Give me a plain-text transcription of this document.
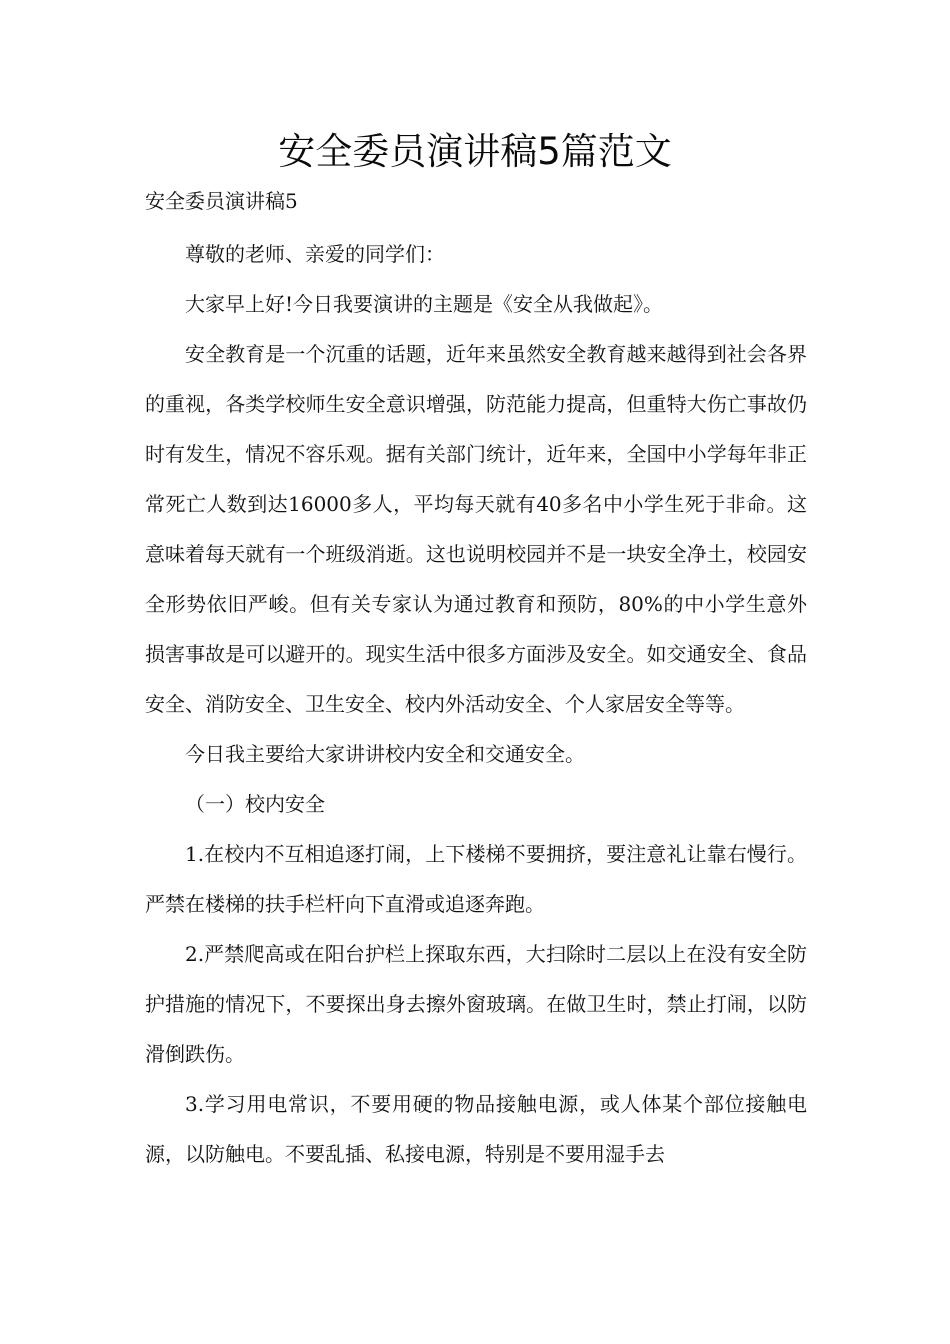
安全委员演讲稿5篇范文

安全委员演讲稿5

尊敬的老师、亲爱的同学们：

大家早上好!今日我要演讲的主题是《安全从我做起》。

安全教育是一个沉重的话题，近年来虽然安全教育越来越得到社会各界的重视，各类学校师生安全意识增强，防范能力提高，但重特大伤亡事故仍时有发生，情况不容乐观。据有关部门统计，近年来，全国中小学每年非正常死亡人数到达16000多人，平均每天就有40多名中小学生死于非命。这意味着每天就有一个班级消逝。这也说明校园并不是一块安全净土，校园安全形势依旧严峻。但有关专家认为通过教育和预防，80%的中小学生意外损害事故是可以避开的。现实生活中很多方面涉及安全。如交通安全、食品安全、消防安全、卫生安全、校内外活动安全、个人家居安全等等。

今日我主要给大家讲讲校内安全和交通安全。

（一）校内安全

1.在校内不互相追逐打闹，上下楼梯不要拥挤，要注意礼让靠右慢行。严禁在楼梯的扶手栏杆向下直滑或追逐奔跑。

2.严禁爬高或在阳台护栏上探取东西，大扫除时二层以上在没有安全防护措施的情况下，不要探出身去擦外窗玻璃。在做卫生时，禁止打闹，以防滑倒跌伤。

3.学习用电常识，不要用硬的物品接触电源，或人体某个部位接触电源，以防触电。不要乱插、私接电源，特别是不要用湿手去
